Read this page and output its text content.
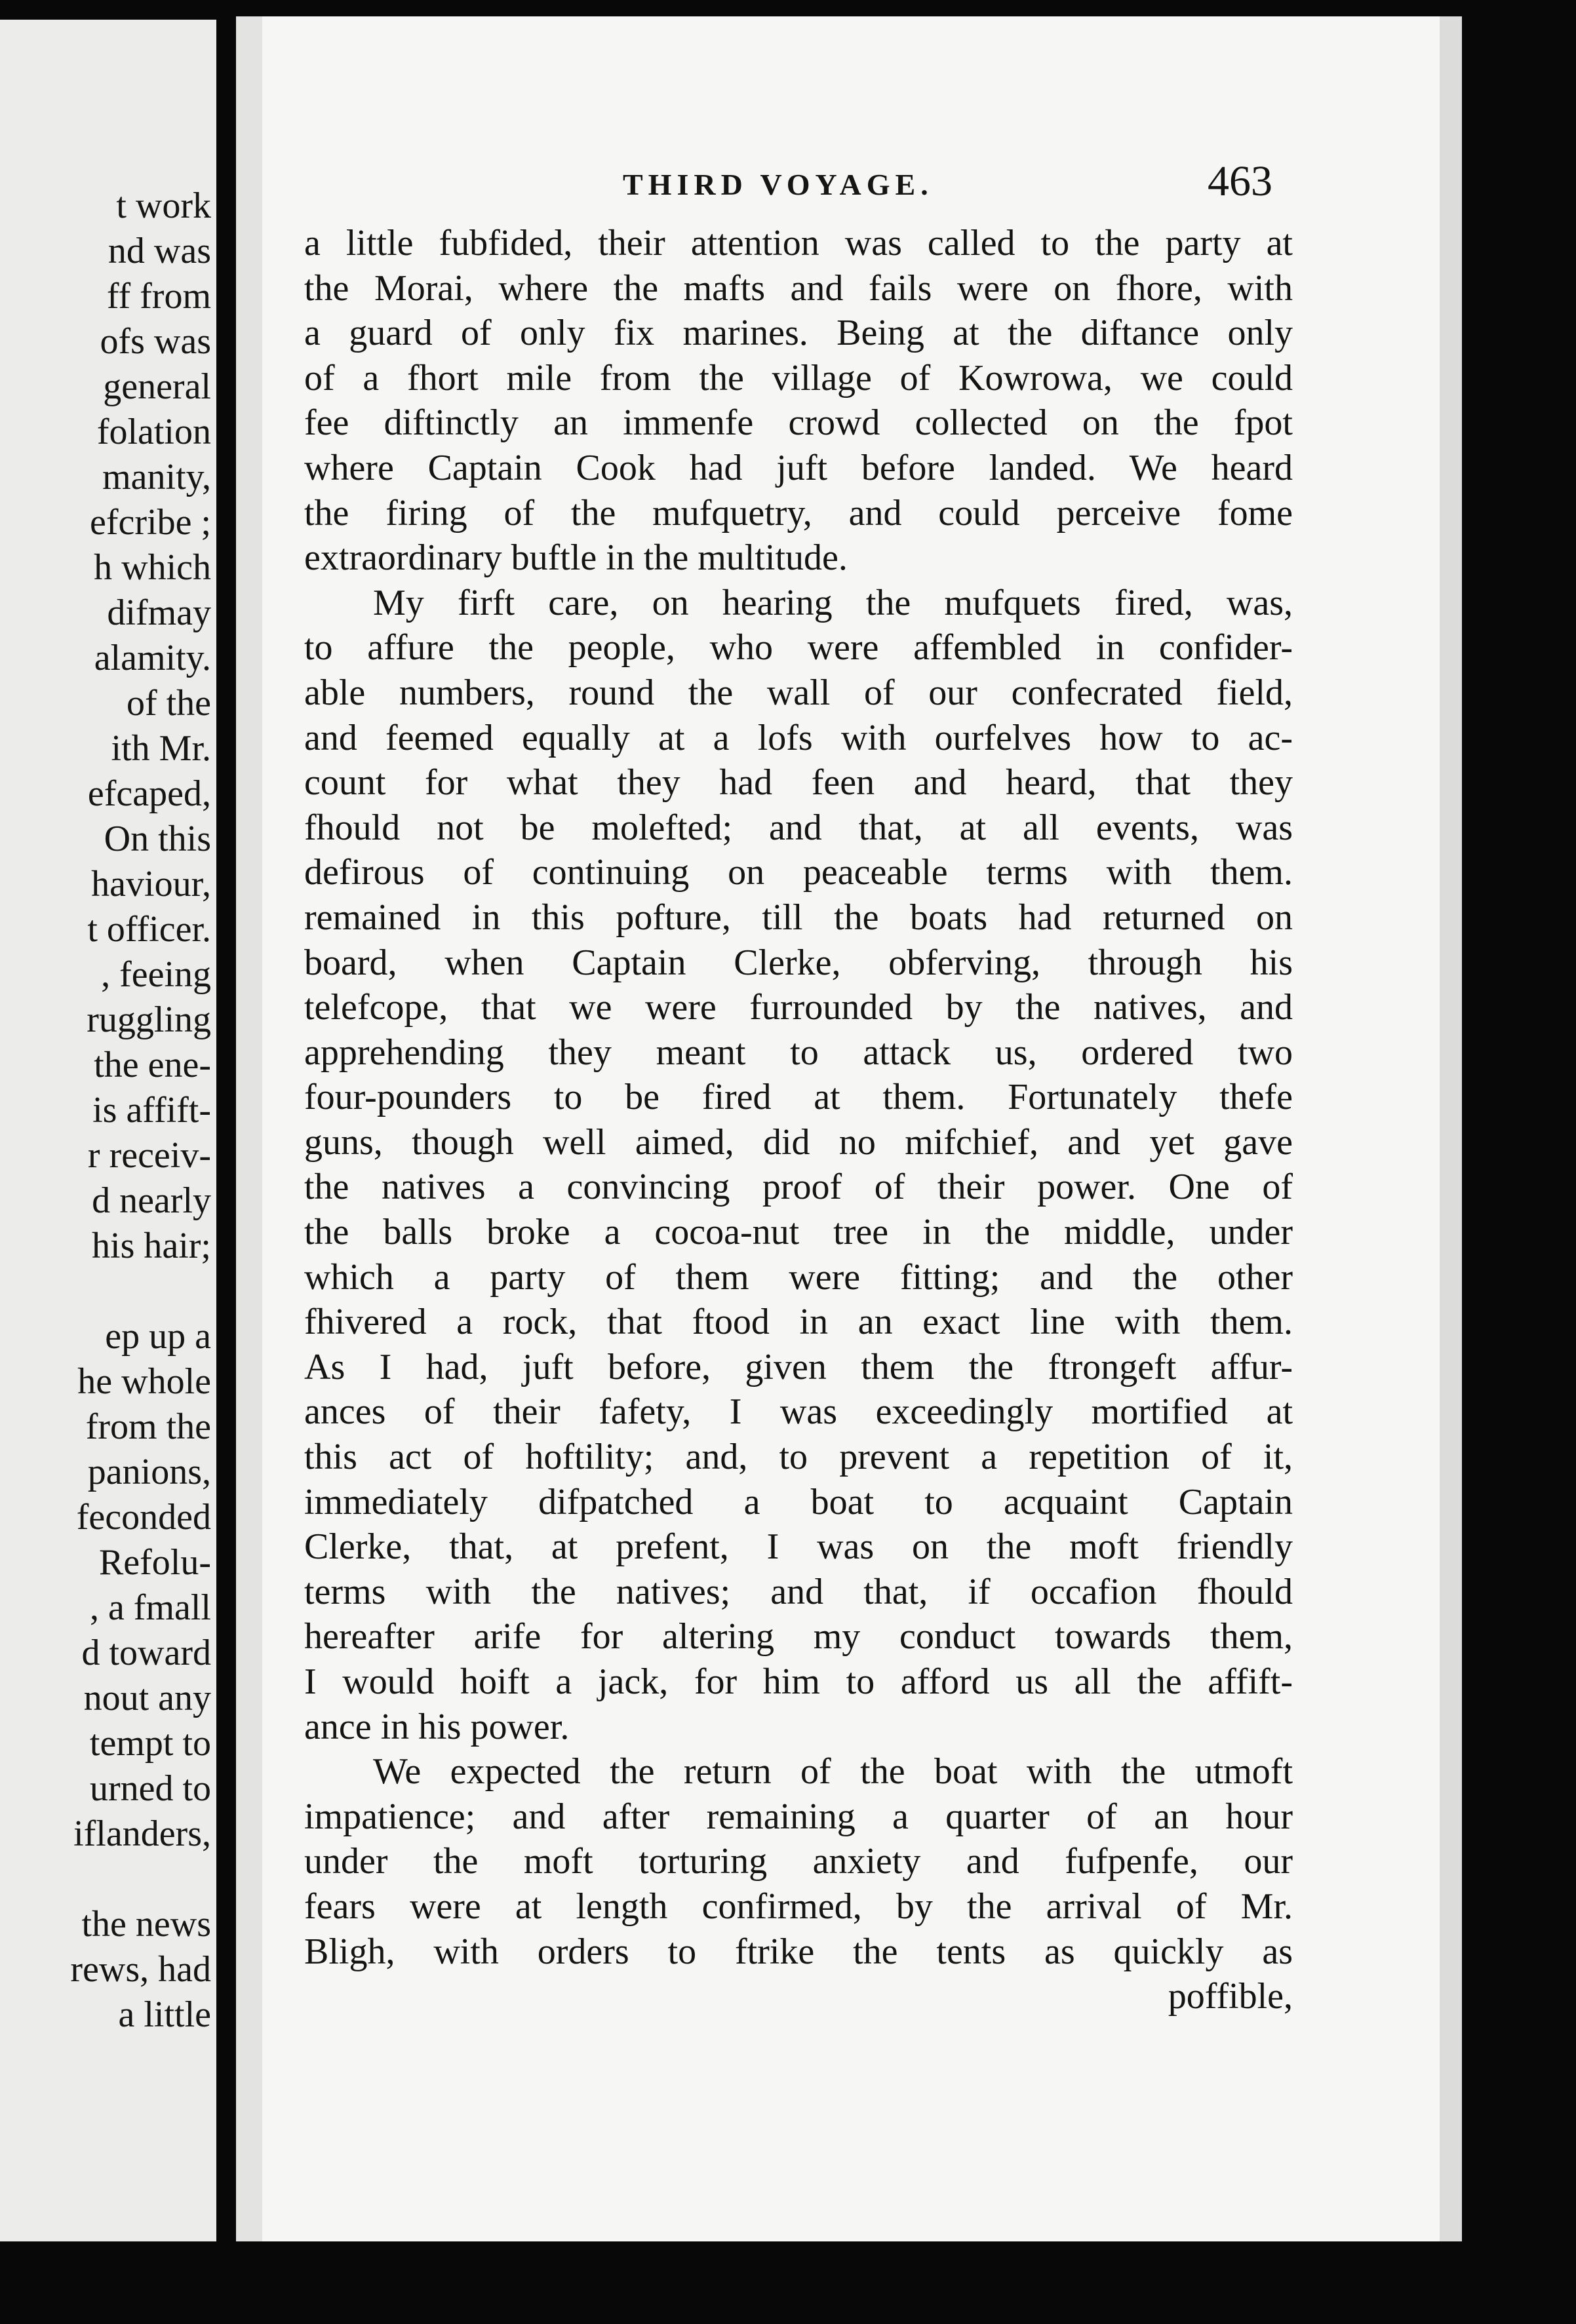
t work
nd was
ff from
ofs was
general
folation
manity,
efcribe ;
h which
difmay
alamity.
of the
ith Mr.
efcaped,
On this
haviour,
t officer.
, feeing
ruggling
the ene-
is affift-
r receiv-
d nearly
his hair;
ep up a
he whole
from the
panions,
feconded
Refolu-
, a fmall
d toward
nout any
tempt to
urned to
iflanders,
the news
rews, had
a little
THIRD VOYAGE.	463
a little fubfided, their attention was called to the party at
the Morai, where the mafts and fails were on fhore, with
a guard of only fix marines. Being at the diftance only
of a fhort mile from the village of Kowrowa, we could
fee diftinctly an immenfe crowd collected on the fpot
where Captain Cook had juft before landed. We heard
the firing of the mufquetry, and could perceive fome
extraordinary buftle in the multitude.
My firft care, on hearing the mufquets fired, was,
to affure the people, who were affembled in confider-
able numbers, round the wall of our confecrated field,
and feemed equally at a lofs with ourfelves how to ac-
count for what they had feen and heard, that they
fhould not be molefted; and that, at all events, was
defirous of continuing on peaceable terms with them.
remained in this pofture, till the boats had returned on
board, when Captain Clerke, obferving, through his
telefcope, that we were furrounded by the natives, and
apprehending they meant to attack us, ordered two
four-pounders to be fired at them. Fortunately thefe
guns, though well aimed, did no mifchief, and yet gave
the natives a convincing proof of their power. One of
the balls broke a cocoa-nut tree in the middle, under
which a party of them were fitting; and the other
fhivered a rock, that ftood in an exact line with them.
As I had, juft before, given them the ftrongeft affur-
ances of their fafety, I was exceedingly mortified at
this act of hoftility; and, to prevent a repetition of it,
immediately difpatched a boat to acquaint Captain
Clerke, that, at prefent, I was on the moft friendly
terms with the natives; and that, if occafion fhould
hereafter arife for altering my conduct towards them,
I would hoift a jack, for him to afford us all the affift-
ance in his power.
We expected the return of the boat with the utmoft
impatience; and after remaining a quarter of an hour
under the moft torturing anxiety and fufpenfe, our
fears were at length confirmed, by the arrival of Mr.
Bligh, with orders to ftrike the tents as quickly as
poffible,
